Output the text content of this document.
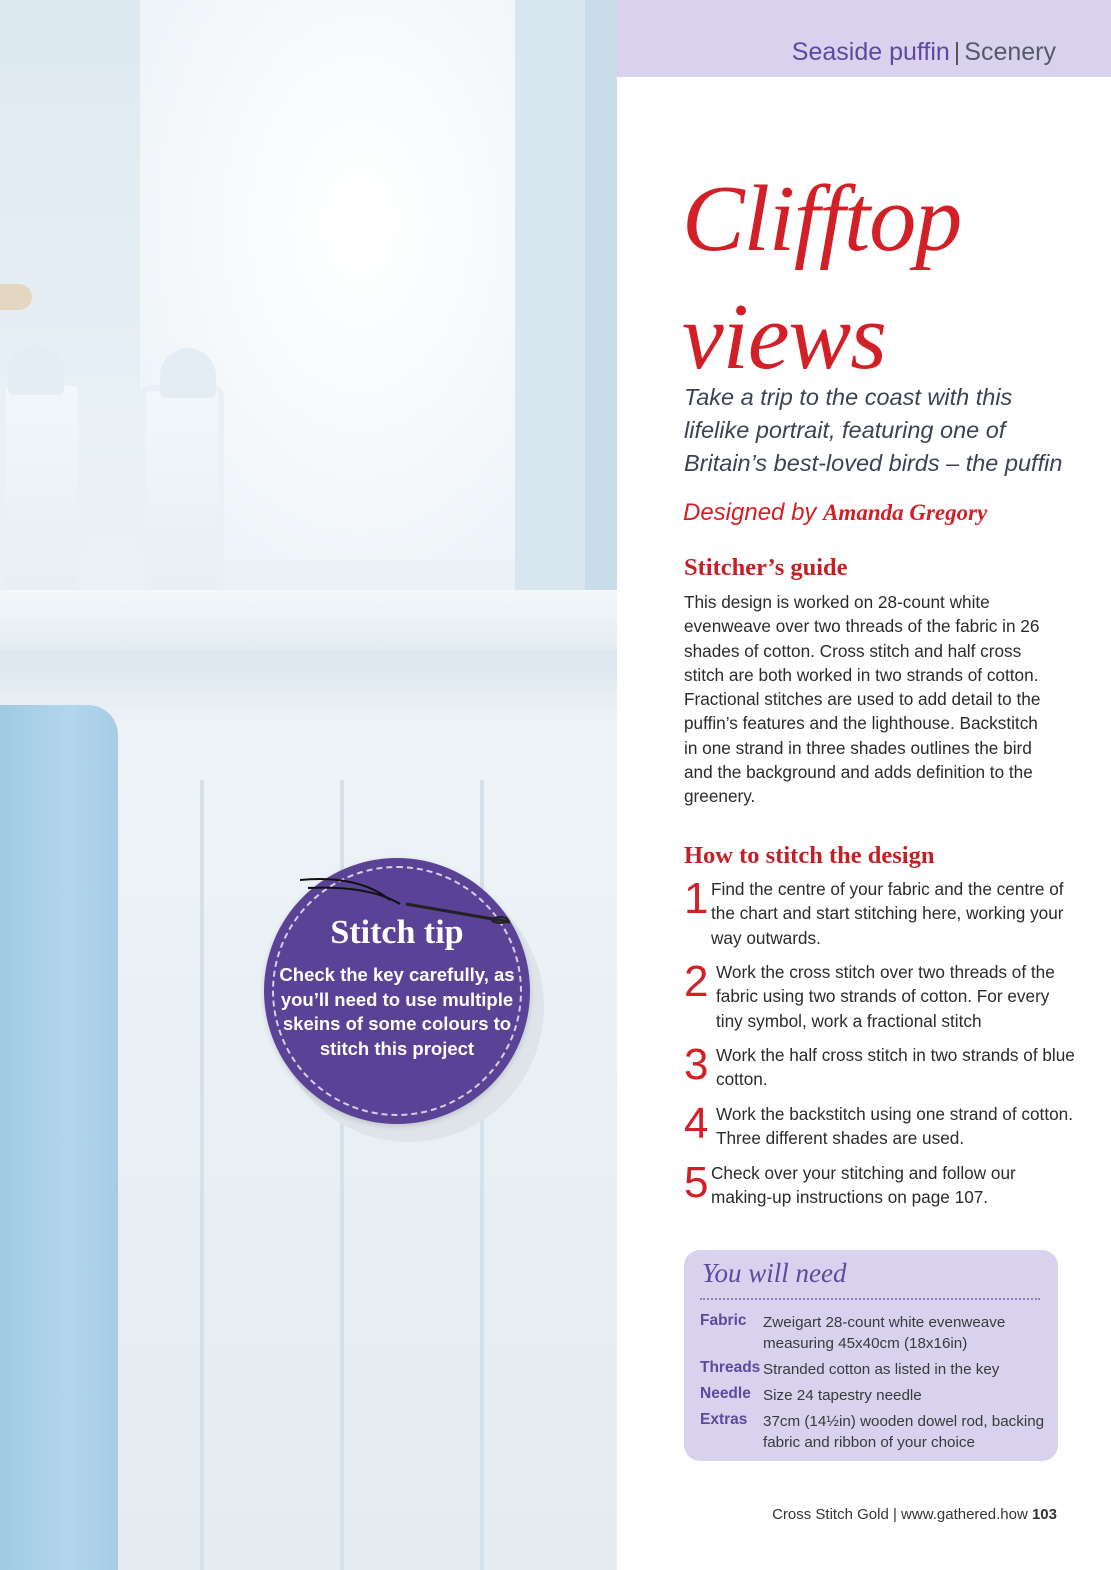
Stitch tip
Check the key carefully, as you’ll need to use multiple skeins of some colours to stitch this project
Seaside puffin | Scenery
Clifftop
views
Take a trip to the coast with this lifelike portrait, featuring one of Britain’s best-loved birds – the puffin
Designed by Amanda Gregory
Stitcher’s guide
This design is worked on 28-count white evenweave over two threads of the fabric in 26 shades of cotton. Cross stitch and half cross stitch are both worked in two strands of cotton. Fractional stitches are used to add detail to the puffin’s features and the lighthouse. Backstitch in one strand in three shades outlines the bird and the background and adds definition to the greenery.
How to stitch the design
1 Find the centre of your fabric and the centre of the chart and start stitching here, working your way outwards.
2 Work the cross stitch over two threads of the fabric using two strands of cotton. For every tiny symbol, work a fractional stitch
3 Work the half cross stitch in two strands of blue cotton.
4 Work the backstitch using one strand of cotton. Three different shades are used.
5 Check over your stitching and follow our making-up instructions on page 107.
You will need
Fabric Zweigart 28-count white evenweave measuring 45x40cm (18x16in)
Threads Stranded cotton as listed in the key
Needle Size 24 tapestry needle
Extras 37cm (14½in) wooden dowel rod, backing fabric and ribbon of your choice
Cross Stitch Gold | www.gathered.how 103
